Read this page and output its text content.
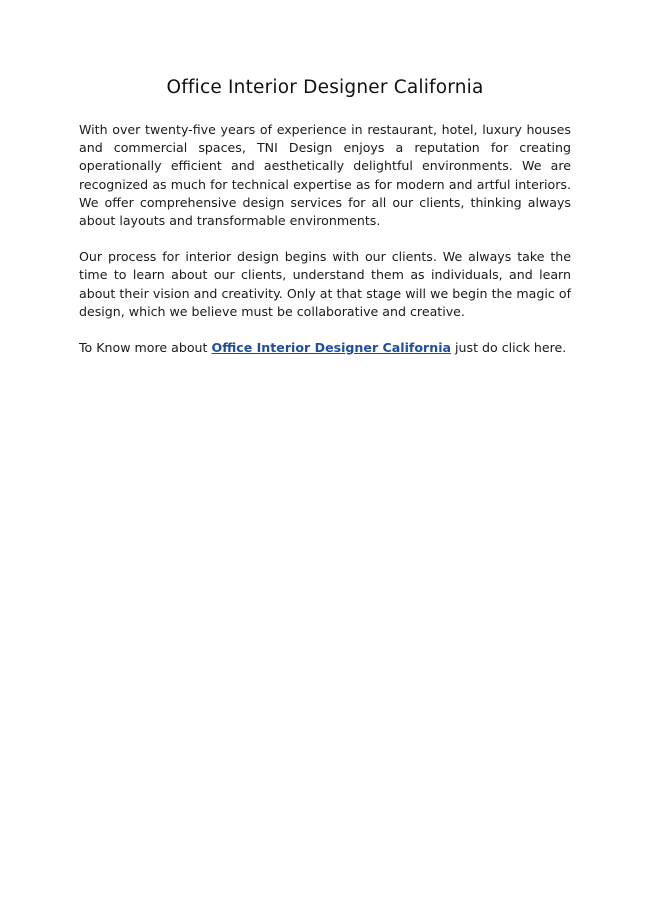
Office Interior Designer California

With over twenty-five years of experience in restaurant, hotel, luxury houses and commercial spaces, TNI Design enjoys a reputation for creating operationally efficient and aesthetically delightful environments. We are recognized as much for technical expertise as for modern and artful interiors. We offer comprehensive design services for all our clients, thinking always about layouts and transformable environments.

Our process for interior design begins with our clients. We always take the time to learn about our clients, understand them as individuals, and learn about their vision and creativity. Only at that stage will we begin the magic of design, which we believe must be collaborative and creative.

To Know more about Office Interior Designer California just do click here.
